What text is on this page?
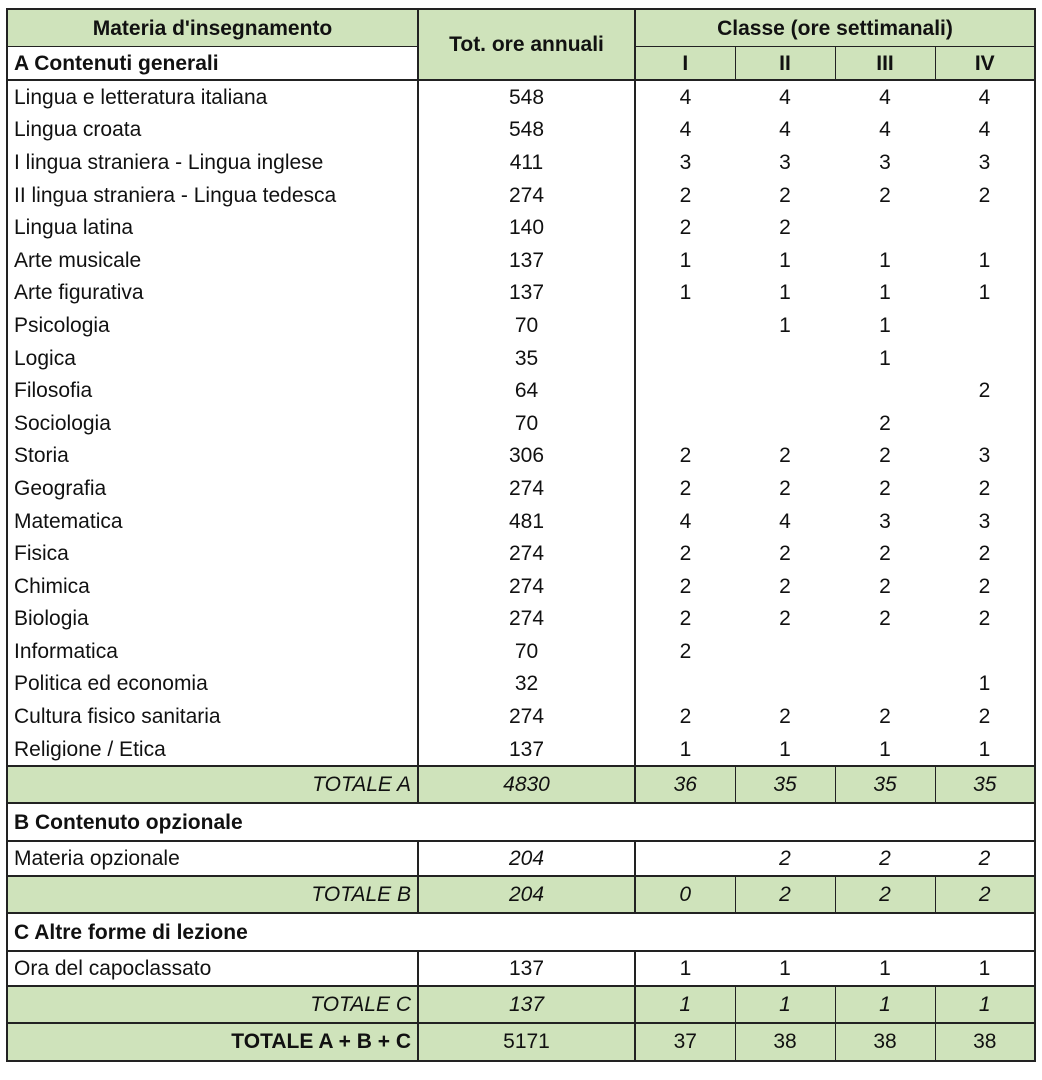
Materia d'insegnamento	Tot. ore annuali	Classe (ore settimanali)			
A Contenuti generali		I	II	III	IV
Lingua e letteratura italiana	548	4	4	4	4
Lingua croata	548	4	4	4	4
I lingua straniera - Lingua inglese	411	3	3	3	3
II lingua straniera - Lingua tedesca	274	2	2	2	2
Lingua latina	140	2	2		
Arte musicale	137	1	1	1	1
Arte figurativa	137	1	1	1	1
Psicologia	70		1	1	
Logica	35			1	
Filosofia	64				2
Sociologia	70			2	
Storia	306	2	2	2	3
Geografia	274	2	2	2	2
Matematica	481	4	4	3	3
Fisica	274	2	2	2	2
Chimica	274	2	2	2	2
Biologia	274	2	2	2	2
Informatica	70	2			
Politica ed economia	32				1
Cultura fisico sanitaria	274	2	2	2	2
Religione / Etica	137	1	1	1	1
TOTALE A	4830	36	35	35	35
B Contenuto opzionale					
Materia opzionale	204		2	2	2
TOTALE B	204	0	2	2	2
C Altre forme di lezione					
Ora del capoclassato	137	1	1	1	1
TOTALE C	137	1	1	1	1
TOTALE A + B + C	5171	37	38	38	38
